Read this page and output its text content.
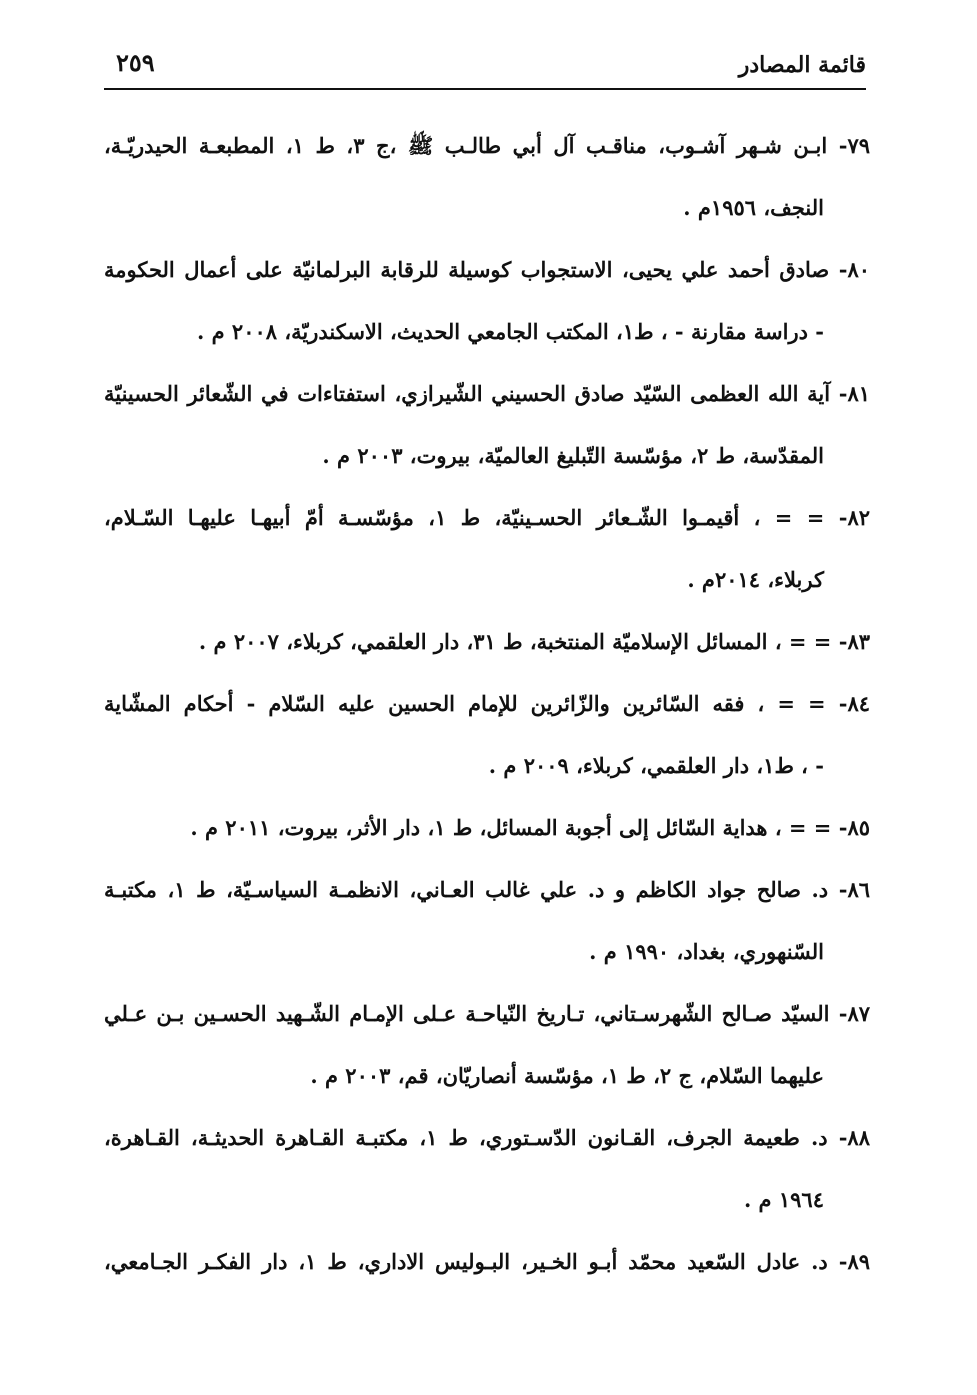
قائمة المصادر
٢٥٩
٧٩- ابـن شـهر آشـوب، مناقـب آل أبي طالـب ﷺ ،ج ٣، ط ١، المطبعـة الحيدريّـة،
النجف، ١٩٥٦م .
٨٠- صادق أحمد علي يحيى، الاستجواب كوسيلة للرقابة البرلمانيّة على أعمال الحكومة
- دراسة مقارنة - ، ط١، المكتب الجامعي الحديث، الاسكندريّة، ٢٠٠٨ م .
٨١- آية الله العظمى السّيّد صادق الحسيني الشّيرازي، استفتاءات في الشّعائر الحسينيّة
المقدّسة، ط ٢، مؤسّسة التّبليغ العالميّة، بيروت، ٢٠٠٣ م .
٨٢- = = ، أقيمـوا الشّـعائر الحسـينيّة، ط ١، مؤسّسـة أمّ أبيهـا عليهـا السّـلام،
كربلاء، ٢٠١٤م .
٨٣- = = ، المسائل الإسلاميّة المنتخبة، ط ٣١، دار العلقمي، كربلاء، ٢٠٠٧ م .
٨٤- = = ، فقه السّائرين والزّائرين للإمام الحسين عليه السّلام - أحكام المشّاية
- ، ط١، دار العلقمي، كربلاء، ٢٠٠٩ م .
٨٥- = = ، هداية السّائل إلى أجوبة المسائل، ط ١، دار الأثر، بيروت، ٢٠١١ م .
٨٦- د. صالح جواد الكاظم و د. علي غالب العـاني، الانظمـة السياسـيّة، ط ١، مكتبـة
السّنهوري، بغداد، ١٩٩٠ م .
٨٧- السيّد صـالح الشّهرسـتاني، تـاريخ النّياحـة عـلى الإمـام الشّـهيد الحسـين بـن عـلي
عليهما السّلام، ج ٢، ط ١، مؤسّسة أنصاريّان، قم، ٢٠٠٣ م .
٨٨- د. طعيمة الجرف، القـانون الدّسـتوري، ط ١، مكتبـة القـاهرة الحديثـة، القـاهرة،
١٩٦٤ م .
٨٩- د. عادل السّعيد محمّد أبـو الخـير، البـوليس الاداري، ط ١، دار الفكـر الجـامعي،
